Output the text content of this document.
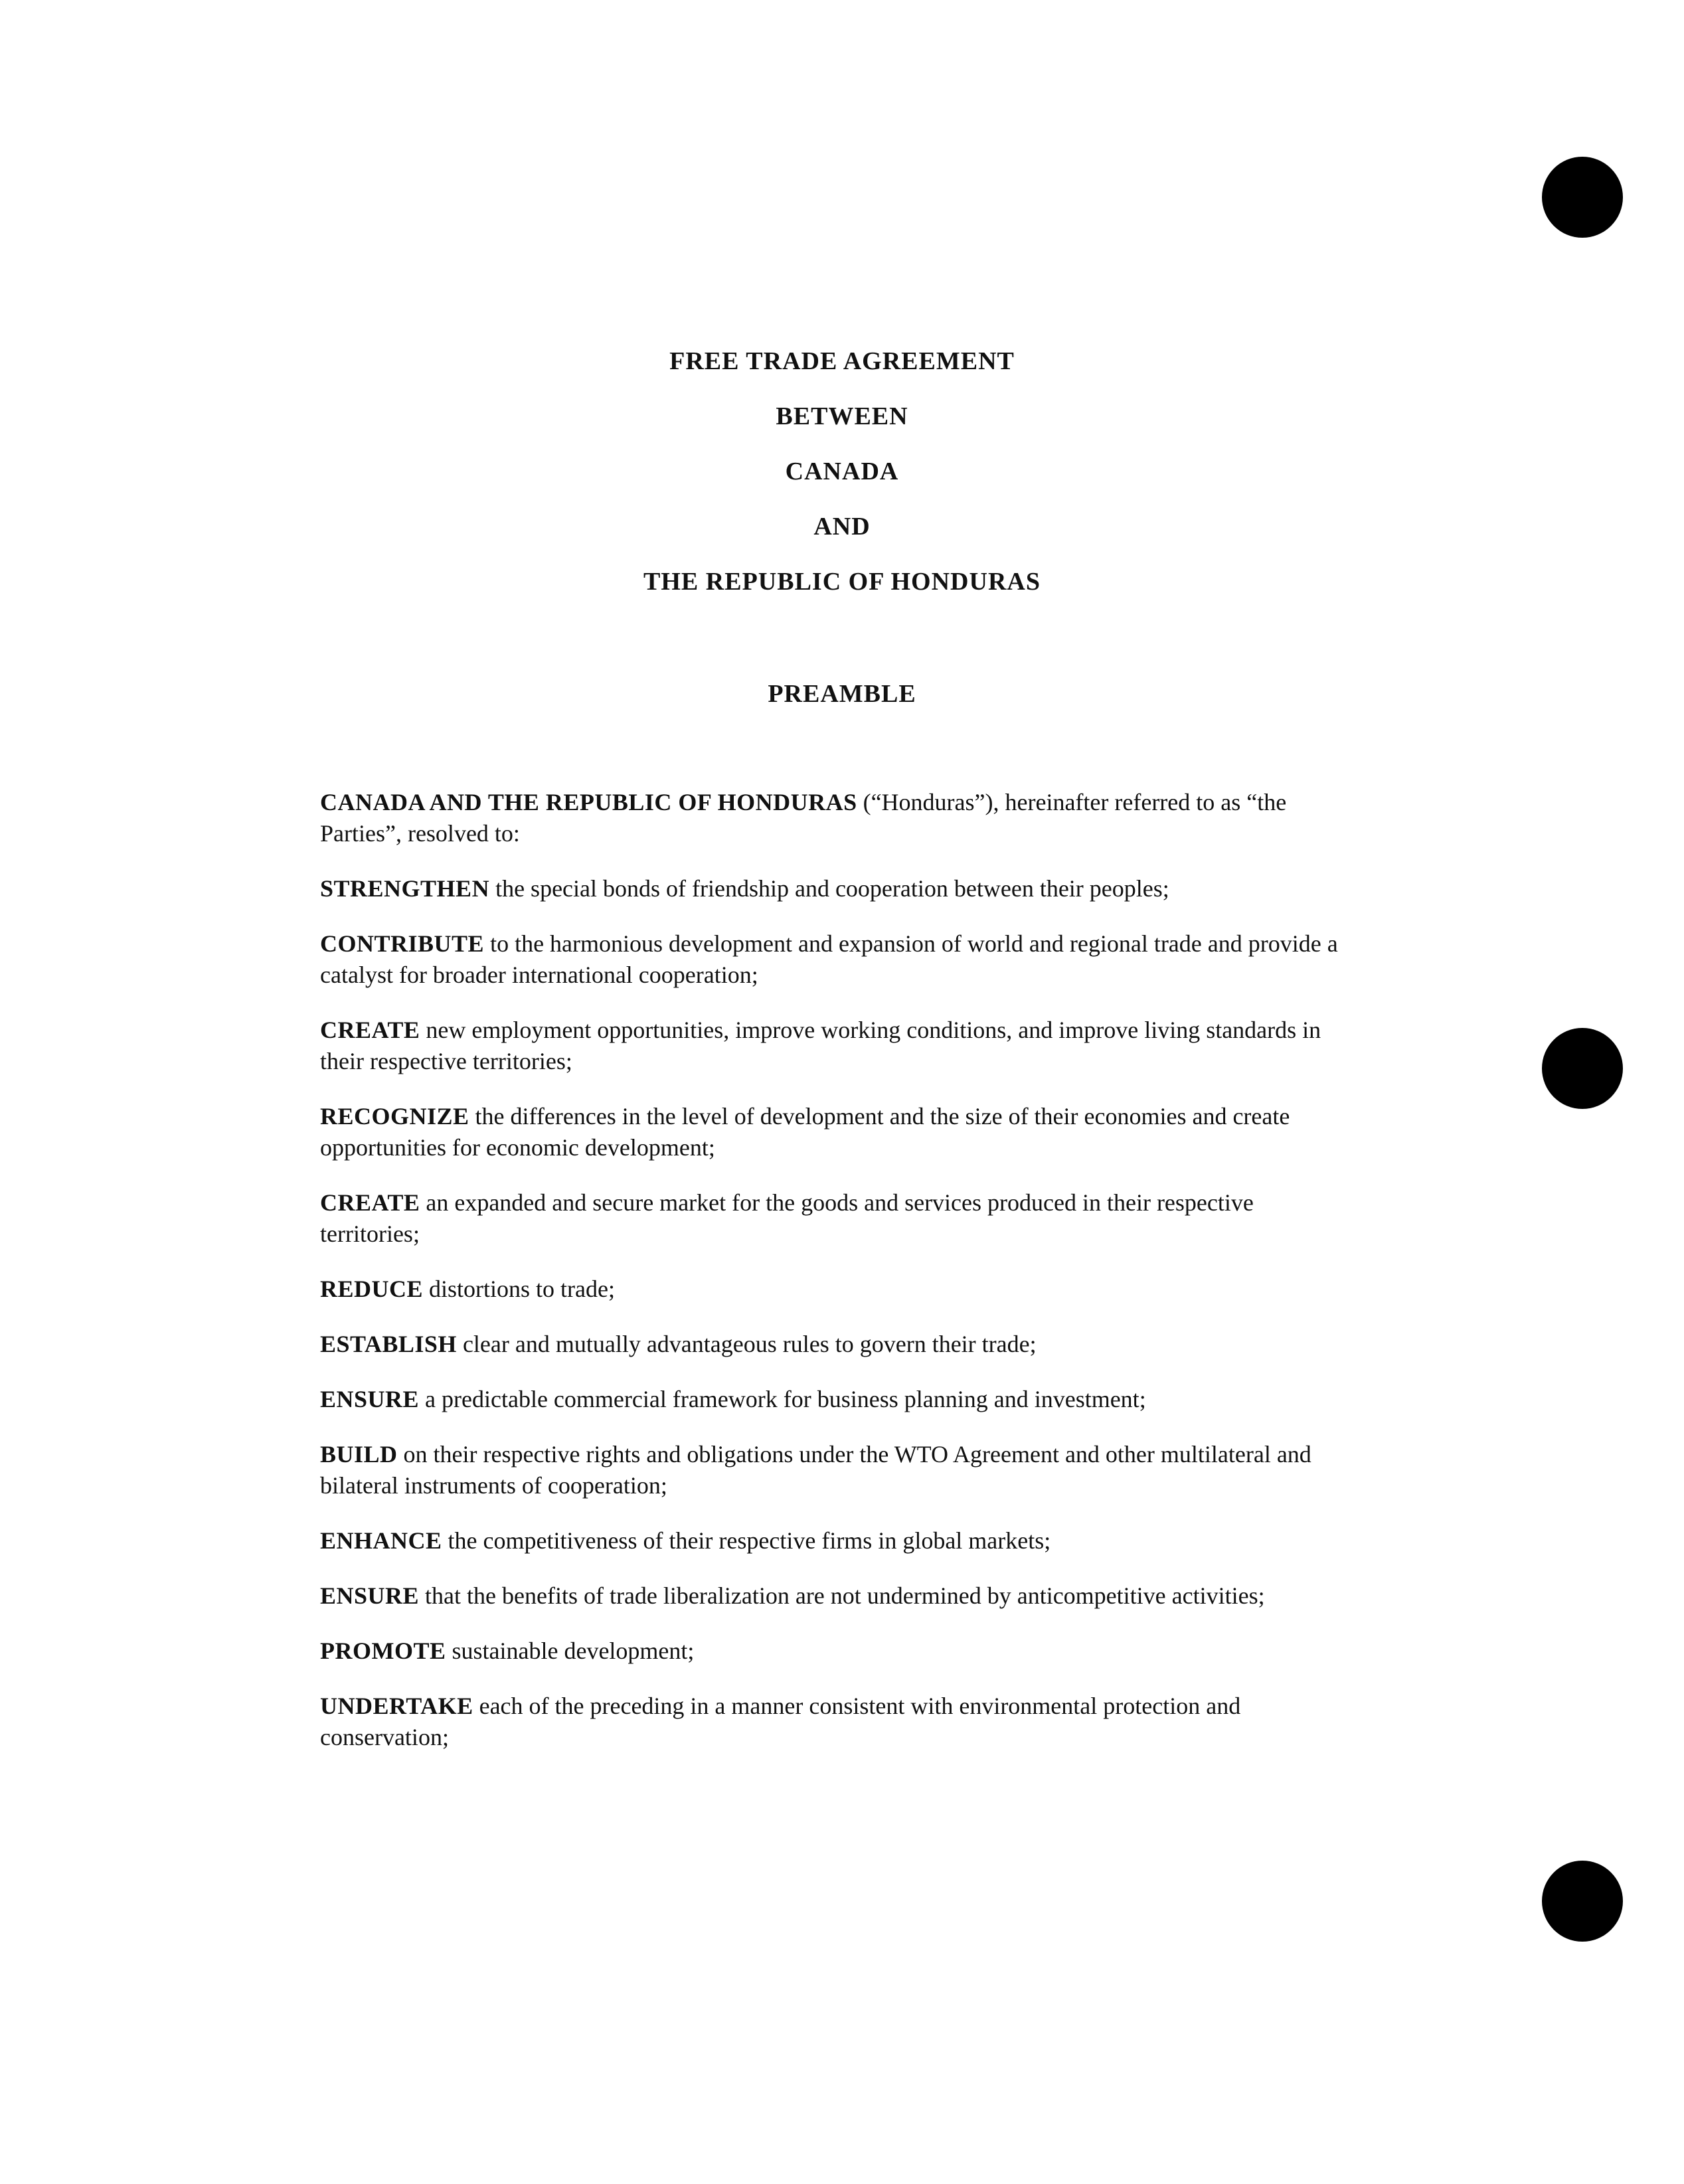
FREE TRADE AGREEMENT
BETWEEN
CANADA
AND
THE REPUBLIC OF HONDURAS
PREAMBLE

CANADA AND THE REPUBLIC OF HONDURAS (“Honduras”), hereinafter referred to as “the Parties”, resolved to:

STRENGTHEN the special bonds of friendship and cooperation between their peoples;

CONTRIBUTE to the harmonious development and expansion of world and regional trade and provide a catalyst for broader international cooperation;

CREATE new employment opportunities, improve working conditions, and improve living standards in their respective territories;

RECOGNIZE the differences in the level of development and the size of their economies and create opportunities for economic development;

CREATE an expanded and secure market for the goods and services produced in their respective territories;

REDUCE distortions to trade;

ESTABLISH clear and mutually advantageous rules to govern their trade;

ENSURE a predictable commercial framework for business planning and investment;

BUILD on their respective rights and obligations under the WTO Agreement and other multilateral and bilateral instruments of cooperation;

ENHANCE the competitiveness of their respective firms in global markets;

ENSURE that the benefits of trade liberalization are not undermined by anticompetitive activities;

PROMOTE sustainable development;

UNDERTAKE each of the preceding in a manner consistent with environmental protection and conservation;
